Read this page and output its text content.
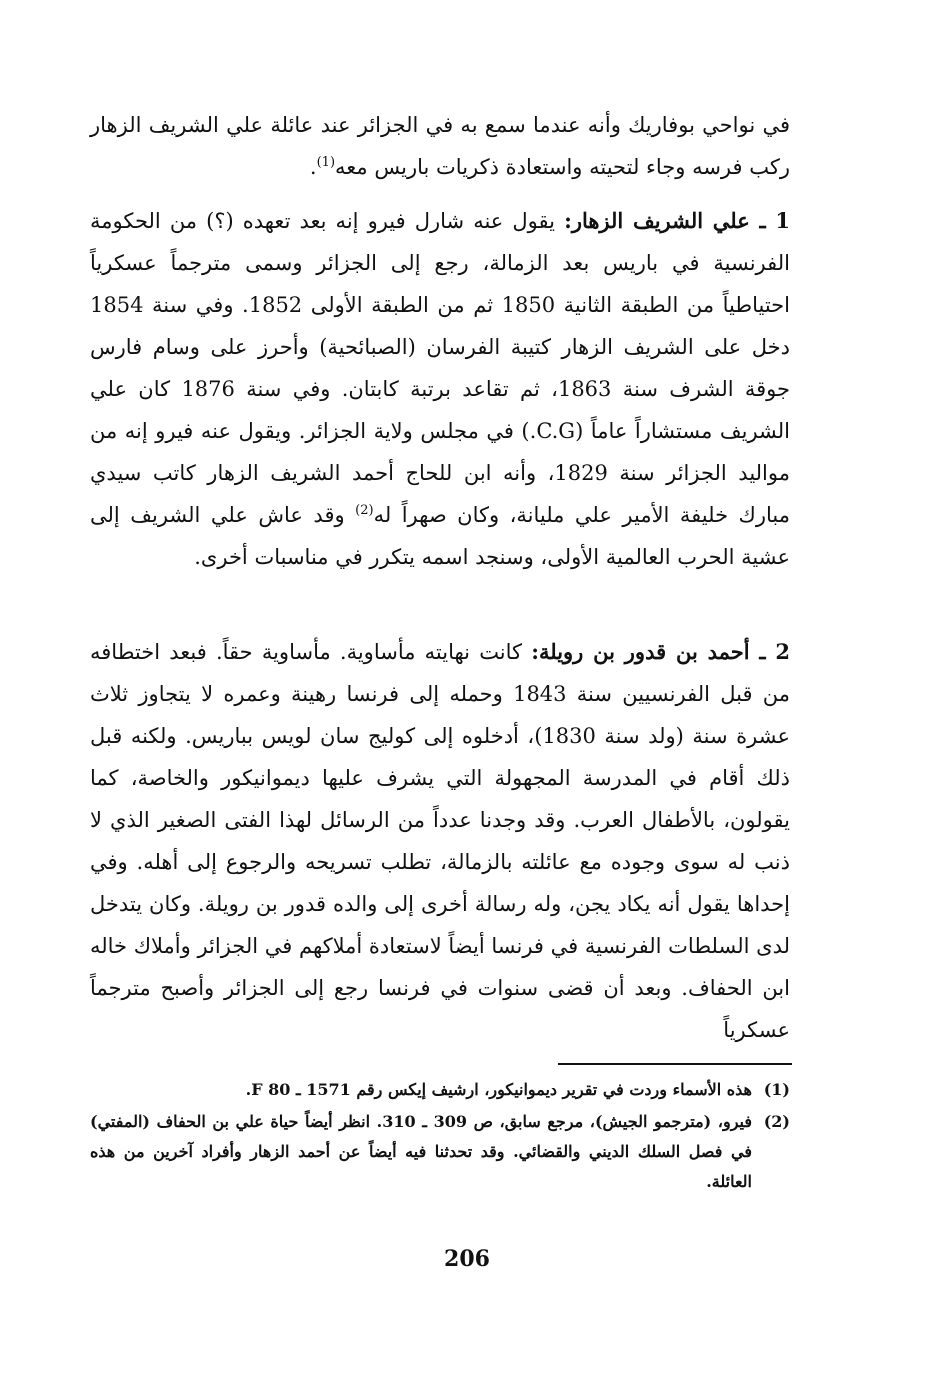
في نواحي بوفاريك وأنه عندما سمع به في الجزائر عند عائلة علي الشريف الزهار ركب فرسه وجاء لتحيته واستعادة ذكريات باريس معه$^{(1)}$.

1 ـ علي الشريف الزهار: يقول عنه شارل فيرو إنه بعد تعهده (؟) من الحكومة الفرنسية في باريس بعد الزمالة، رجع إلى الجزائر وسمى مترجماً عسكرياً احتياطياً من الطبقة الثانية 1850 ثم من الطبقة الأولى 1852. وفي سنة 1854 دخل على الشريف الزهار كتيبة الفرسان (الصبائحية) وأحرز على وسام فارس جوقة الشرف سنة 1863، ثم تقاعد برتبة كابتان. وفي سنة 1876 كان علي الشريف مستشاراً عاماً (C.G.) في مجلس ولاية الجزائر. ويقول عنه فيرو إنه من مواليد الجزائر سنة 1829، وأنه ابن للحاج أحمد الشريف الزهار كاتب سيدي مبارك خليفة الأمير علي مليانة، وكان صهراً له$^{(2)}$ وقد عاش علي الشريف إلى عشية الحرب العالمية الأولى، وسنجد اسمه يتكرر في مناسبات أخرى.

2 ـ أحمد بن قدور بن رويلة: كانت نهايته مأساوية. مأساوية حقاً. فبعد اختطافه من قبل الفرنسيين سنة 1843 وحمله إلى فرنسا رهينة وعمره لا يتجاوز ثلاث عشرة سنة (ولد سنة 1830)، أدخلوه إلى كوليج سان لويس بباريس. ولكنه قبل ذلك أقام في المدرسة المجهولة التي يشرف عليها ديموانيكور والخاصة، كما يقولون، بالأطفال العرب. وقد وجدنا عدداً من الرسائل لهذا الفتى الصغير الذي لا ذنب له سوى وجوده مع عائلته بالزمالة، تطلب تسريحه والرجوع إلى أهله. وفي إحداها يقول أنه يكاد يجن، وله رسالة أخرى إلى والده قدور بن رويلة. وكان يتدخل لدى السلطات الفرنسية في فرنسا أيضاً لاستعادة أملاكهم في الجزائر وأملاك خاله ابن الحفاف. وبعد أن قضى سنوات في فرنسا رجع إلى الجزائر وأصبح مترجماً عسكرياً

(1)
هذه الأسماء وردت في تقرير ديموانيكور، ارشيف إيكس رقم 1571 ـ F 80.
(2)
فيرو، (مترجمو الجيش)، مرجع سابق، ص 309 ـ 310. انظر أيضاً حياة علي بن الحفاف (المفتي) في فصل السلك الديني والقضائي. وقد تحدثنا فيه أيضاً عن أحمد الزهار وأفراد آخرين من هذه العائلة.
206
